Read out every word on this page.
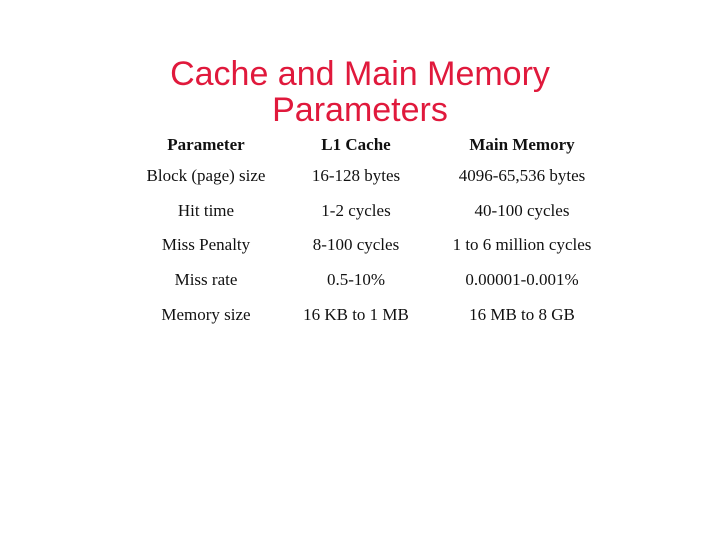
Cache and Main Memory
Parameters
Parameter	L1 Cache	Main Memory
Block (page) size	16-128 bytes	4096-65,536 bytes
Hit time	1-2 cycles	40-100 cycles
Miss Penalty	8-100 cycles	1 to 6 million cycles
Miss rate	0.5-10%	0.00001-0.001%
Memory size	16 KB to 1 MB	16 MB to 8 GB
